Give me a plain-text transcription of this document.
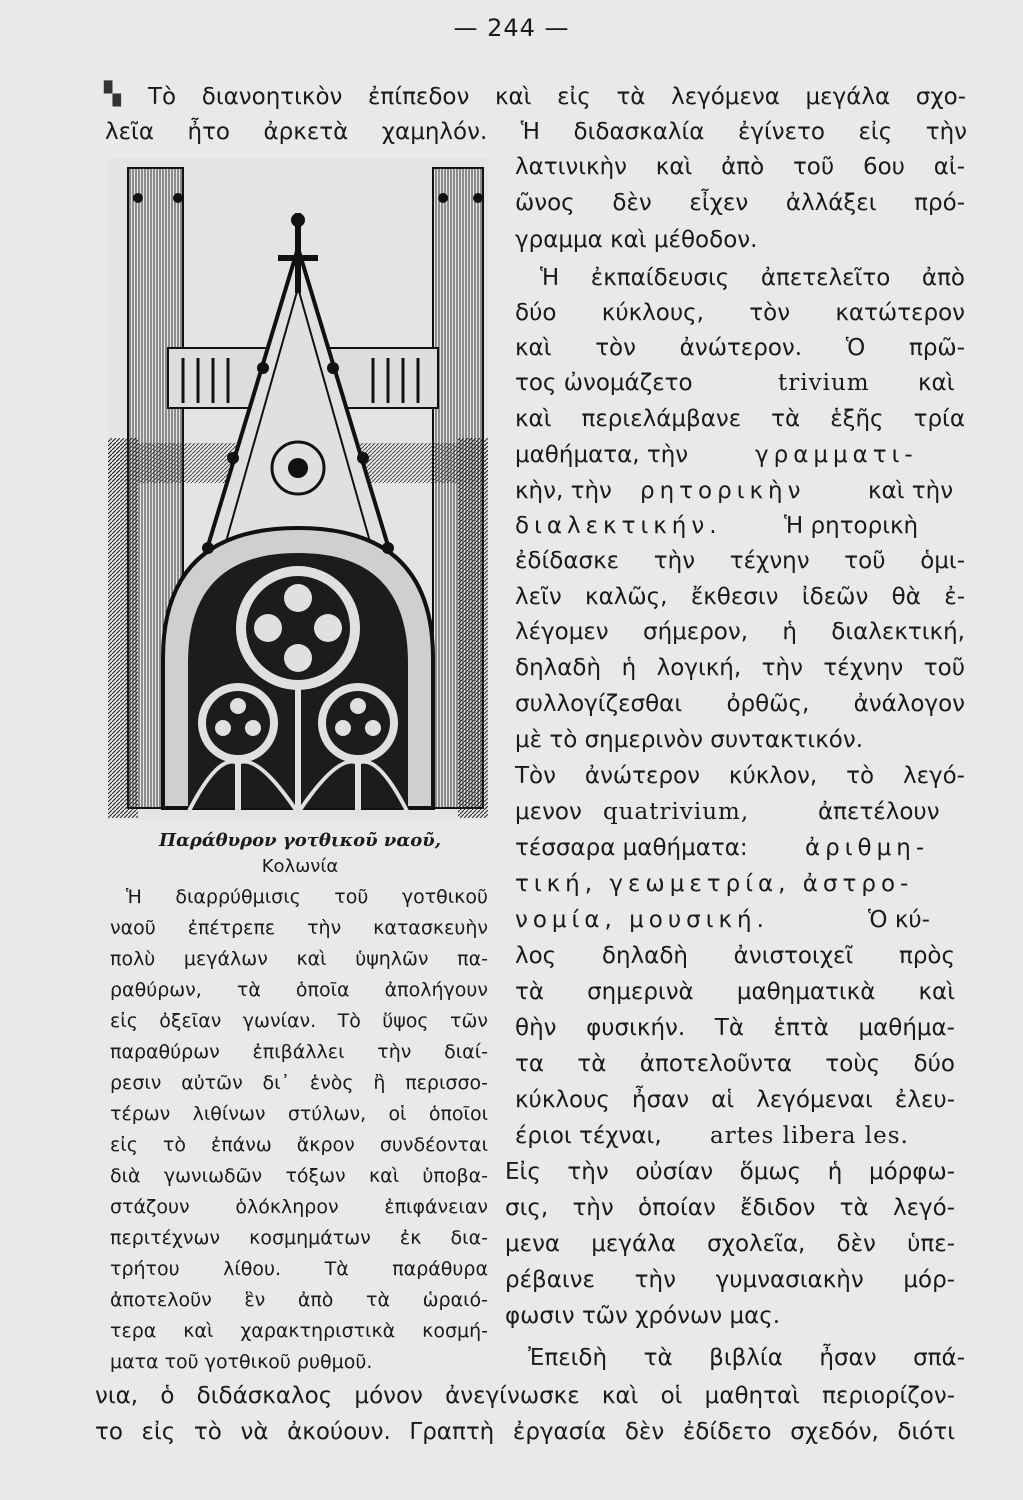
— 244 —
▚ Τὸ διανοητικὸν ἐπίπεδον καὶ εἰς τὰ λεγόμενα μεγάλα σχο-
λεῖα ἦτο ἀρκετὰ χαμηλόν. Ἡ διδασκαλία ἐγίνετο εἰς τὴν
λατινικὴν καὶ ἀπὸ τοῦ 6ου αἰ-
ῶνος δὲν εἶχεν ἀλλάξει πρό-
γραμμα καὶ μέθοδον.
Ἡ ἐκπαίδευσις ἀπετελεῖτο ἀπὸ
δύο κύκλους, τὸν κατώτερον
καὶ τὸν ἀνώτερον. Ὁ πρῶ-
τος ὠνομάζετο	trivium καὶ
καὶ περιελάμβανε τὰ ἑξῆς τρία
μαθήματα, τὴν	γραμματι-
κὴν, τὴν ρητορικὴν	καὶ τὴν
διαλεκτικήν.	Ἡ ρητορικὴ
ἐδίδασκε τὴν τέχνην τοῦ ὁμι-
λεῖν καλῶς, ἔκθεσιν ἰδεῶν θὰ ἐ-
λέγομεν σήμερον, ἡ διαλεκτική,
δηλαδὴ ἡ λογική, τὴν τέχνην τοῦ
συλλογίζεσθαι ὀρθῶς, ἀνάλογον
μὲ τὸ σημερινὸν συντακτικόν.
Τὸν ἀνώτερον κύκλον, τὸ λεγό-
μενον quatrivium,	ἀπετέλουν
τέσσαρα μαθήματα: ἀριθμη-
τική, γεωμετρία, ἀστρο-
νομία, μουσική.	Ὁ κύ-
λος δηλαδὴ ἀνιστοιχεῖ πρὸς
τὰ σημερινὰ μαθηματικὰ καὶ
θὴν φυσικήν. Τὰ ἑπτὰ μαθήμα-
τα τὰ ἀποτελοῦντα τοὺς δύο
κύκλους ἦσαν αἱ λεγόμεναι ἐλευ-
έριοι τέχναι, artes libera les.
Εἰς τὴν οὐσίαν ὅμως ἡ μόρφω-
σις, τὴν ὁποίαν ἔδιδον τὰ λεγό-
μενα μεγάλα σχολεῖα, δὲν ὑπε-
ρέβαινε τὴν γυμνασιακὴν μόρ-
φωσιν τῶν χρόνων μας.
Ἐπειδὴ τὰ βιβλία ἦσαν σπά-
Παράθυρον γοτθικοῦ ναοῦ,
Κολωνία
Ἡ διαρρύθμισις τοῦ γοτθικοῦ
ναοῦ ἐπέτρεπε τὴν κατασκευὴν
πολὺ μεγάλων καὶ ὑψηλῶν πα-
ραθύρων, τὰ ὁποῖα ἀπολήγουν
εἰς ὀξεῖαν γωνίαν. Τὸ ὕψος τῶν
παραθύρων ἐπιβάλλει τὴν διαί-
ρεσιν αὐτῶν δι᾿ ἑνὸς ἢ περισσο-
τέρων λιθίνων στύλων, οἱ ὁποῖοι
εἰς τὸ ἐπάνω ἄκρον συνδέονται
διὰ γωνιωδῶν τόξων καὶ ὑποβα-
στάζουν ὁλόκληρον ἐπιφάνειαν
περιτέχνων κοσμημάτων ἐκ δια-
τρήτου λίθου. Τὰ παράθυρα
ἀποτελοῦν ἓν ἀπὸ τὰ ὡραιό-
τερα καὶ χαρακτηριστικὰ κοσμή-
ματα τοῦ γοτθικοῦ ρυθμοῦ.
νια, ὁ διδάσκαλος μόνον ἀνεγίνωσκε καὶ οἱ μαθηταὶ περιορίζον-
το εἰς τὸ νὰ ἀκούουν. Γραπτὴ ἐργασία δὲν ἐδίδετο σχεδόν, διότι
